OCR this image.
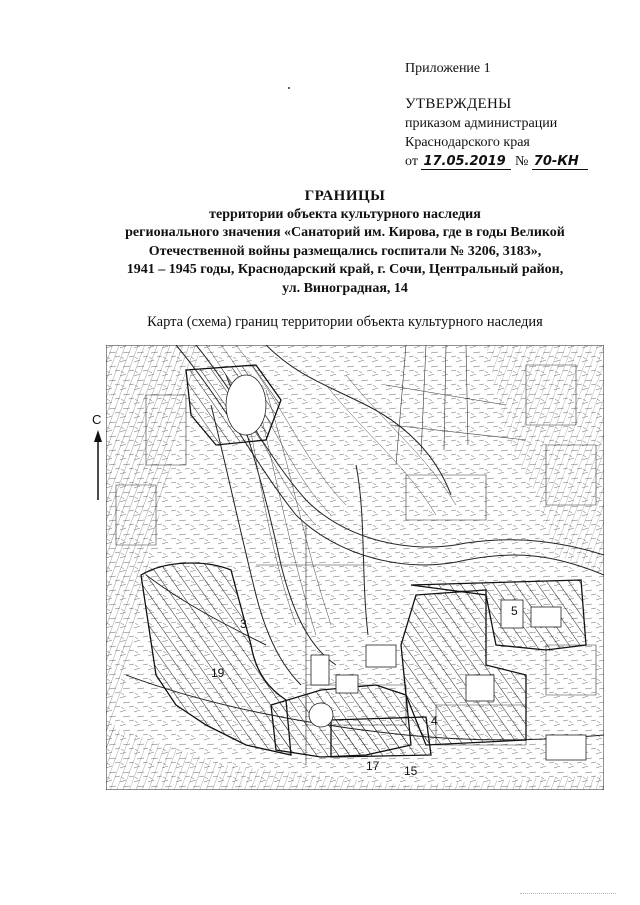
Приложение 1
УТВЕРЖДЕНЫ
приказом администрации
Краснодарского края
от 17.05.2019 № 70-КН
ГРАНИЦЫ
территории объекта культурного наследия
регионального значения «Санаторий им. Кирова, где в годы Великой
Отечественной войны размещались госпитали № 3206, 3183»,
1941 – 1945 годы, Краснодарский край, г. Сочи, Центральный район,
ул. Виноградная, 14
Карта (схема) границ территории объекта культурного наследия
С
3
4
5
19
17 15
